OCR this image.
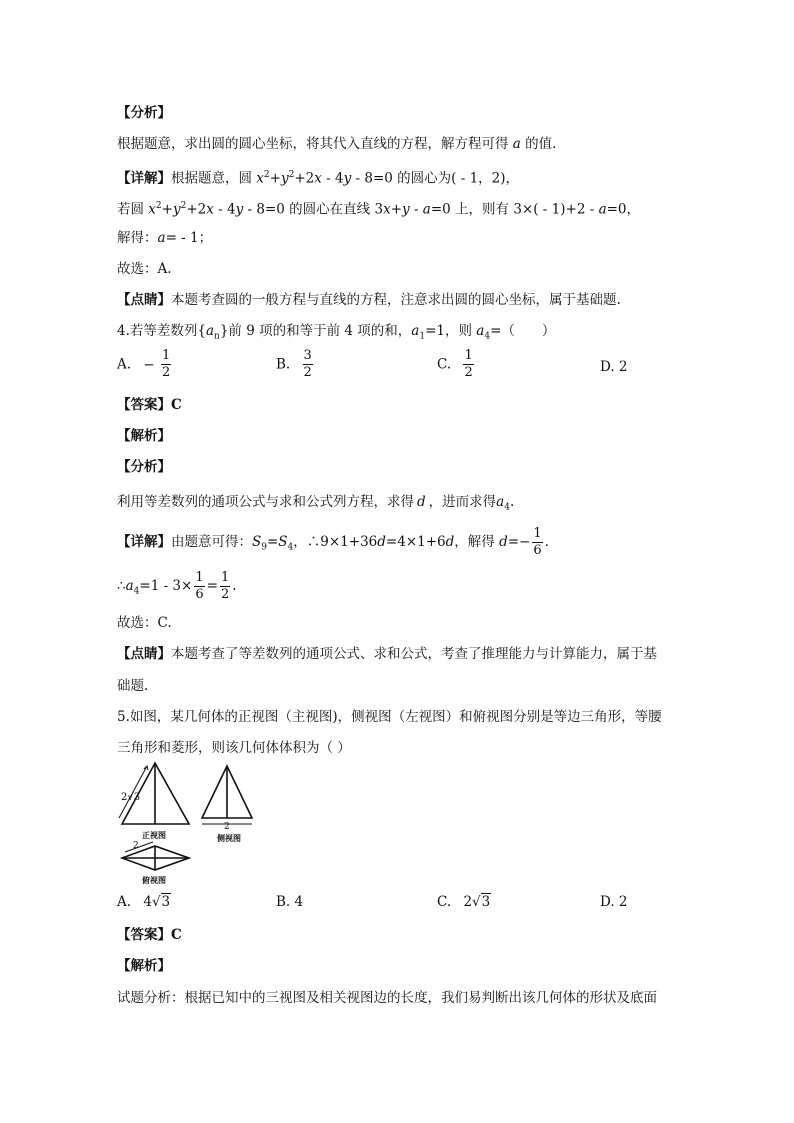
【分析】
根据题意，求出圆的圆心坐标，将其代入直线的方程，解方程可得 a 的值.
【详解】根据题意，圆 $x^2+y^2+2x - 4y - 8=0$ 的圆心为( - 1，2)，
若圆 $x^2+y^2+2x - 4y - 8=0$ 的圆心在直线 3x+y - a=0 上，则有 3×( - 1)+2 - a=0，
解得：a= - 1；
故选：A.
【点睛】本题考查圆的一般方程与直线的方程，注意求出圆的圆心坐标，属于基础题.
4.若等差数列$\{a_n\}$前 9 项的和等于前 4 项的和，$a_1=1$，则 $a_4=$（　　）
A. − $\frac{1}{2}$	B. $\frac{3}{2}$	C. $\frac{1}{2}$	D. 2
【答案】C
【解析】
【分析】
利用等差数列的通项公式与求和公式列方程，求得 d ，进而求得$a_4$.
【详解】由题意可得：$S_9=S_4$，∴9×1+36d=4×1+6d，解得 $d=- \frac{1}{6}$ .
$\therefore a_4=1 - 3\times \frac{1}{6} = \frac{1}{2}$ .
故选：C.
【点睛】本题考查了等差数列的通项公式、求和公式，考查了推理能力与计算能力，属于基
础题.
5.如图，某几何体的正视图（主视图)，侧视图（左视图）和俯视图分别是等边三角形，等腰
三角形和菱形，则该几何体体积为（ ）
2√3
正视图
2
侧视图
2
俯视图
A. 4√3	B. 4	C. 2√3	D. 2
【答案】C
【解析】
试题分析：根据已知中的三视图及相关视图边的长度，我们易判断出该几何体的形状及底面
